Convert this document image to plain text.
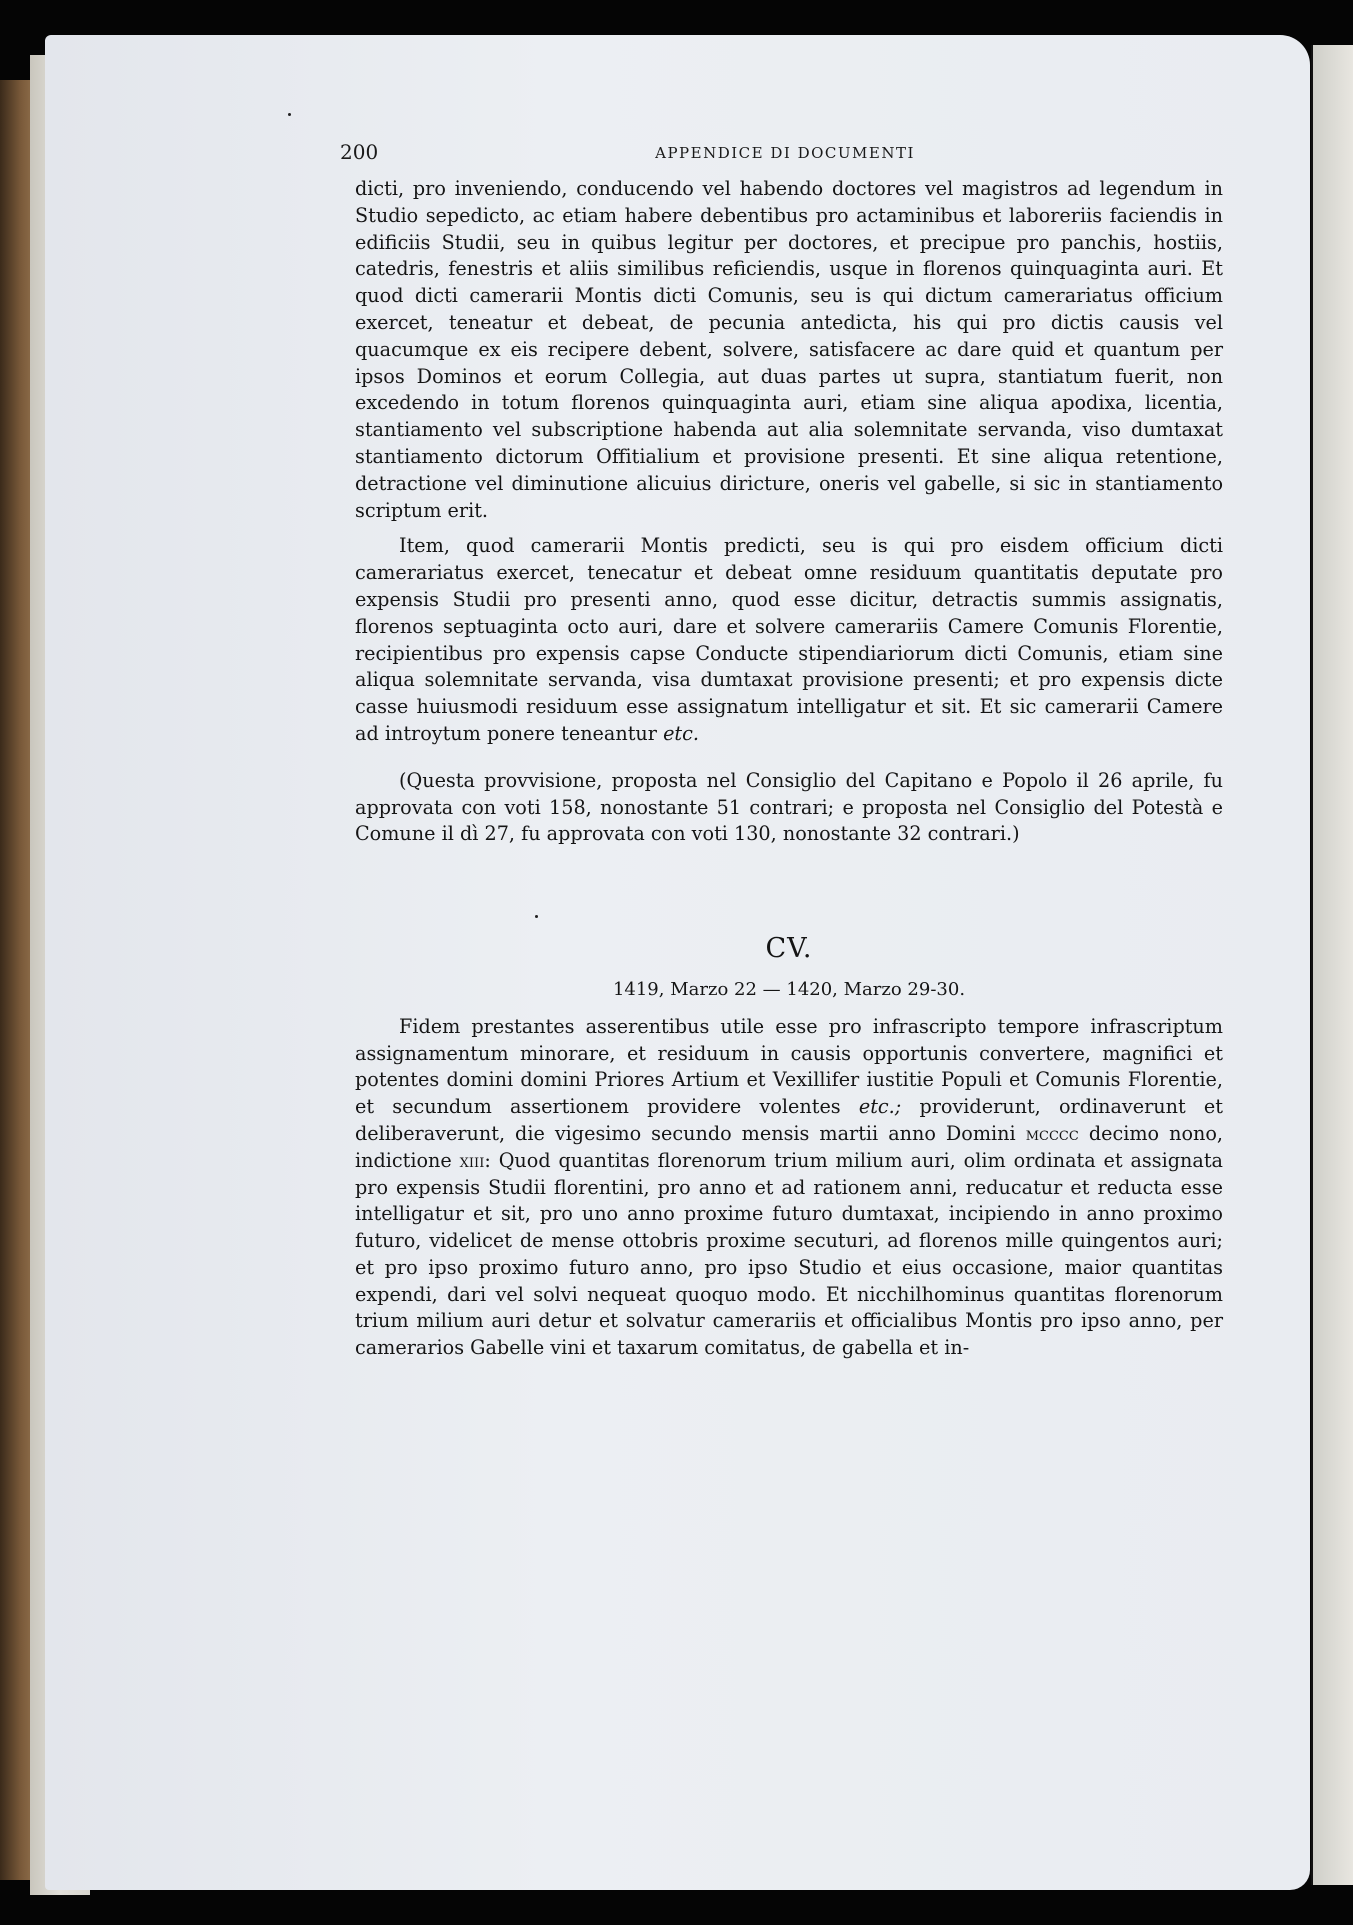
200	APPENDICE DI DOCUMENTI

dicti, pro inveniendo, conducendo vel habendo doctores vel magistros ad legendum in Studio sepedicto, ac etiam habere debentibus pro actaminibus et laboreriis faciendis in edificiis Studii, seu in quibus legitur per doctores, et precipue pro panchis, hostiis, catedris, fenestris et aliis similibus reficiendis, usque in florenos quinquaginta auri. Et quod dicti camerarii Montis dicti Comunis, seu is qui dictum camerariatus officium exercet, teneatur et debeat, de pecunia antedicta, his qui pro dictis causis vel quacumque ex eis recipere debent, solvere, satisfacere ac dare quid et quantum per ipsos Dominos et eorum Collegia, aut duas partes ut supra, stantiatum fuerit, non excedendo in totum florenos quinquaginta auri, etiam sine aliqua apodixa, licentia, stantiamento vel subscriptione habenda aut alia solemnitate servanda, viso dumtaxat stantiamento dictorum Offitialium et provisione presenti. Et sine aliqua retentione, detractione vel diminutione alicuius diricture, oneris vel gabelle, si sic in stantiamento scriptum erit.

Item, quod camerarii Montis predicti, seu is qui pro eisdem officium dicti camerariatus exercet, tenecatur et debeat omne residuum quantitatis deputate pro expensis Studii pro presenti anno, quod esse dicitur, detractis summis assignatis, florenos septuaginta octo auri, dare et solvere camerariis Camere Comunis Florentie, recipientibus pro expensis capse Conducte stipendiariorum dicti Comunis, etiam sine aliqua solemnitate servanda, visa dumtaxat provisione presenti; et pro expensis dicte casse huiusmodi residuum esse assignatum intelligatur et sit. Et sic camerarii Camere ad introytum ponere teneantur etc.

(Questa provvisione, proposta nel Consiglio del Capitano e Popolo il 26 aprile, fu approvata con voti 158, nonostante 51 contrari; e proposta nel Consiglio del Potestà e Comune il dì 27, fu approvata con voti 130, nonostante 32 contrari.)

CV.
1419, Marzo 22 — 1420, Marzo 29-30.

Fidem prestantes asserentibus utile esse pro infrascripto tempore infrascriptum assignamentum minorare, et residuum in causis opportunis convertere, magnifici et potentes domini domini Priores Artium et Vexillifer iustitie Populi et Comunis Florentie, et secundum assertionem providere volentes etc.; providerunt, ordinaverunt et deliberaverunt, die vigesimo secundo mensis martii anno Domini mcccc decimo nono, indictione xiii: Quod quantitas florenorum trium milium auri, olim ordinata et assignata pro expensis Studii florentini, pro anno et ad rationem anni, reducatur et reducta esse intelligatur et sit, pro uno anno proxime futuro dumtaxat, incipiendo in anno proximo futuro, videlicet de mense ottobris proxime secuturi, ad florenos mille quingentos auri; et pro ipso proximo futuro anno, pro ipso Studio et eius occasione, maior quantitas expendi, dari vel solvi nequeat quoquo modo. Et nicchilhominus quantitas florenorum trium milium auri detur et solvatur camerariis et officialibus Montis pro ipso anno, per camerarios Gabelle vini et taxarum comitatus, de gabella et in-
